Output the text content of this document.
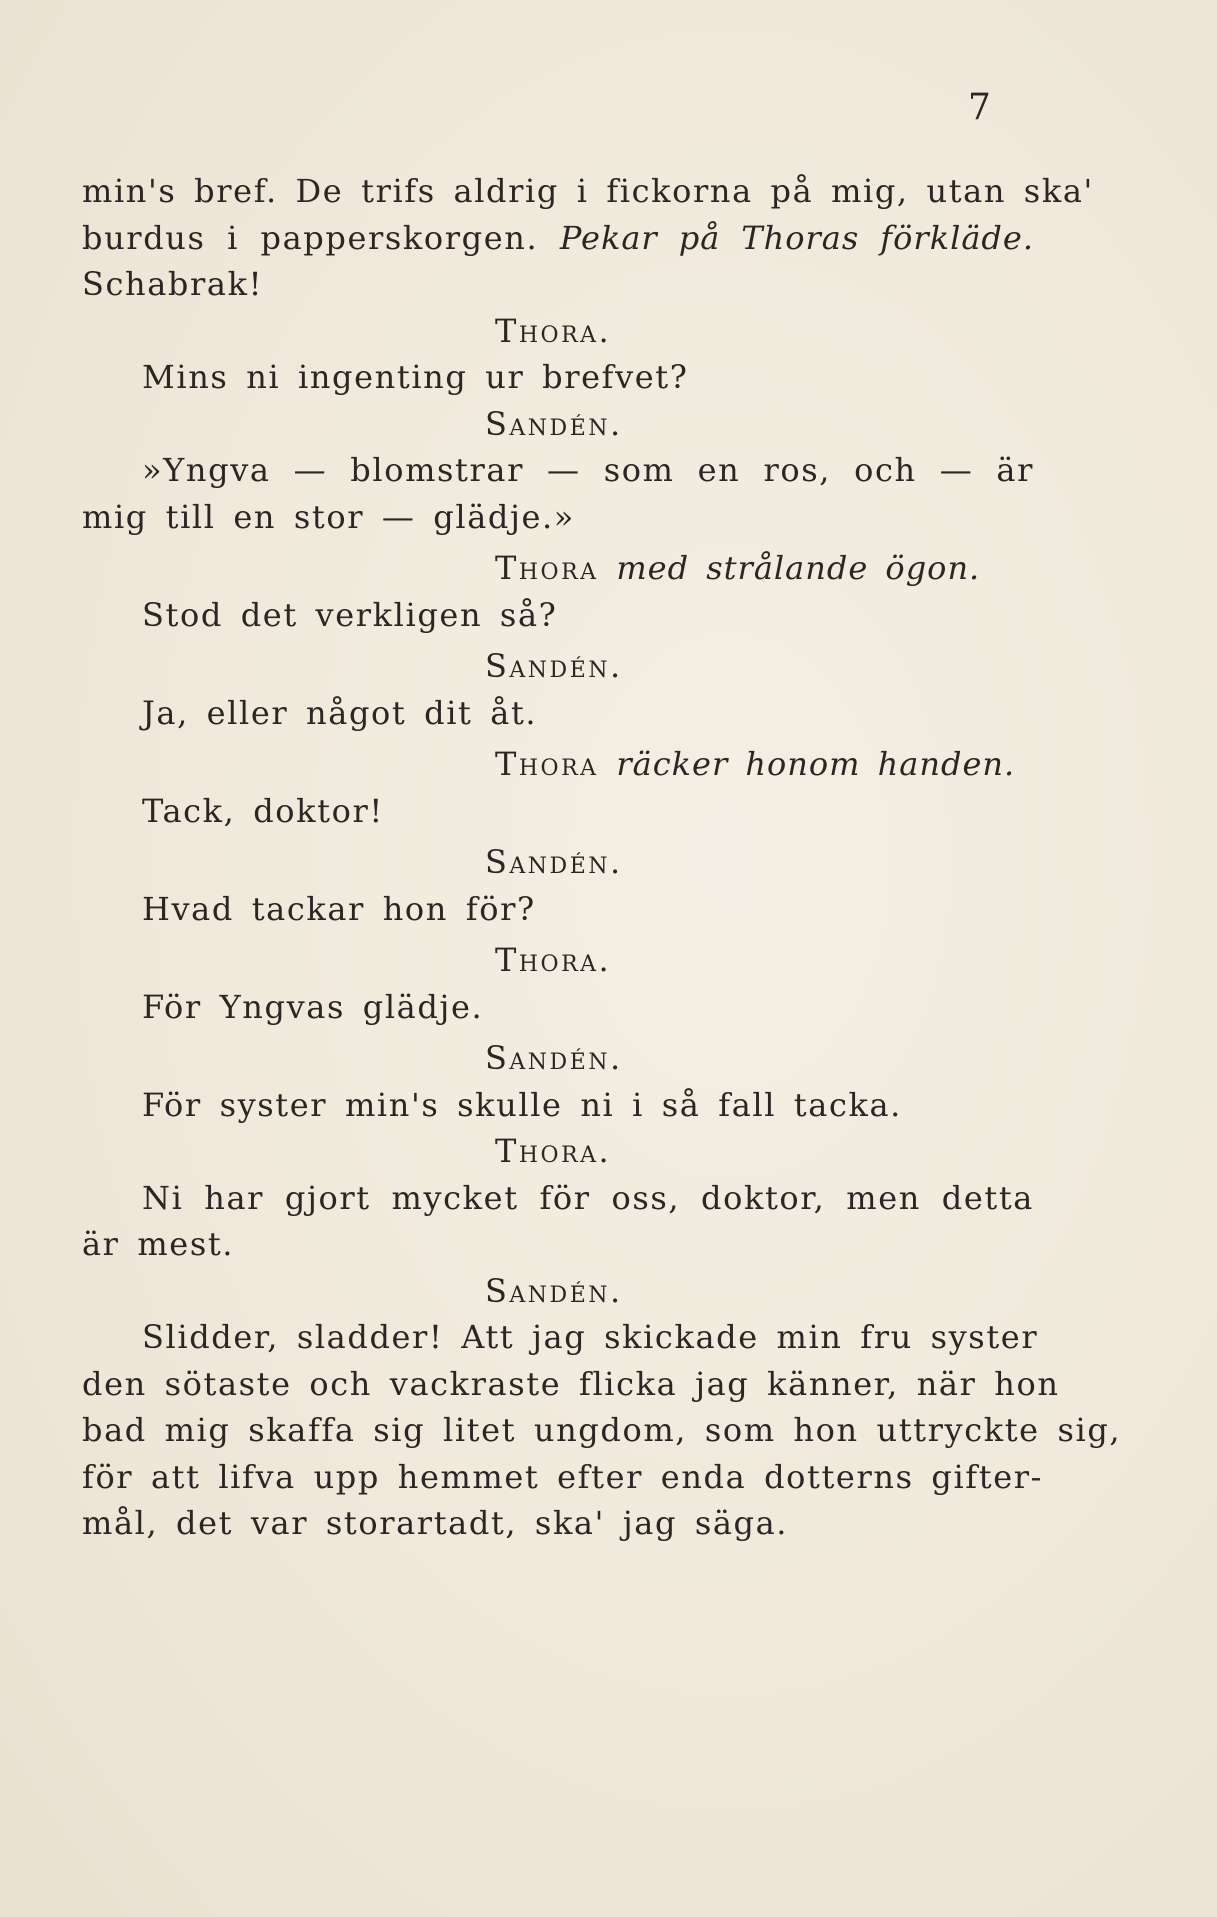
7
min's bref. De trifs aldrig i fickorna på mig, utan ska'
burdus i papperskorgen. Pekar på Thoras förkläde.
Schabrak!
Thora.
Mins ni ingenting ur brefvet?
Sandén.
»Yngva — blomstrar — som en ros, och — är
mig till en stor — glädje.»
Thora med strålande ögon.
Stod det verkligen så?
Sandén.
Ja, eller något dit åt.
Thora räcker honom handen.
Tack, doktor!
Sandén.
Hvad tackar hon för?
Thora.
För Yngvas glädje.
Sandén.
För syster min's skulle ni i så fall tacka.
Thora.
Ni har gjort mycket för oss, doktor, men detta
är mest.
Sandén.
Slidder, sladder! Att jag skickade min fru syster
den sötaste och vackraste flicka jag känner, när hon
bad mig skaffa sig litet ungdom, som hon uttryckte sig,
för att lifva upp hemmet efter enda dotterns gifter-
mål, det var storartadt, ska' jag säga.
